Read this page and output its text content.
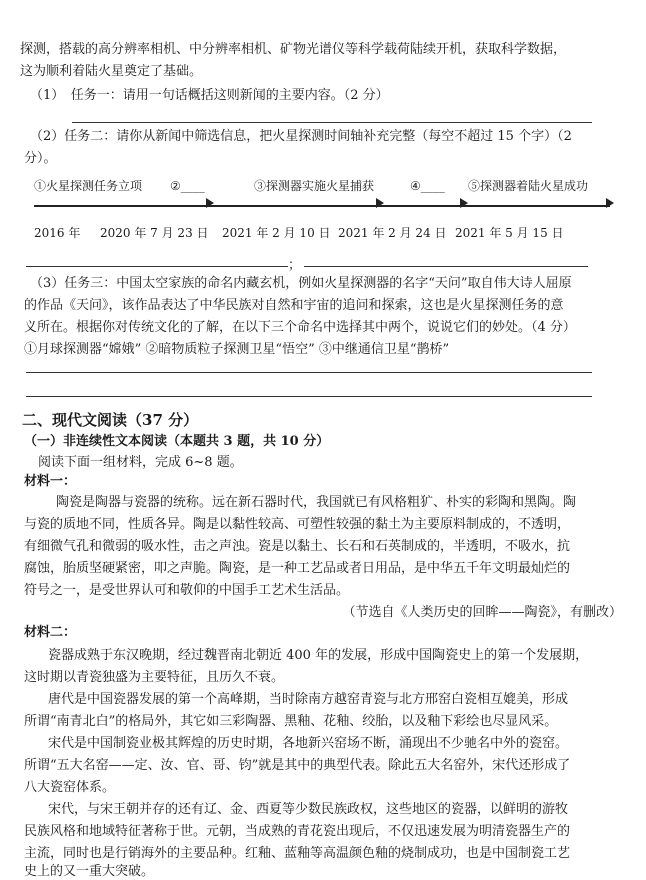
探测，搭载的高分辨率相机、中分辨率相机、矿物光谱仪等科学载荷陆续开机，获取科学数据，
这为顺利着陆火星奠定了基础。
（1）　任务一：请用一句话概括这则新闻的主要内容。（2 分）
（2）任务二：请你从新闻中筛选信息，把火星探测时间轴补充完整（每空不超过 15 个字）（2
分）。
①火星探测任务立项 ②____	③探测器实施火星捕获	④____ ⑤探测器着陆火星成功
2016 年 2020 年 7 月 23 日 2021 年 2 月 10 日 2021 年 2 月 24 日 2021 年 5 月 15 日
；
（3）任务三：中国太空家族的命名内藏玄机，例如火星探测器的名字“天问”取自伟大诗人屈原
的作品《天问》，该作品表达了中华民族对自然和宇宙的追问和探索，这也是火星探测任务的意
义所在。根据你对传统文化的了解，在以下三个命名中选择其中两个，说说它们的妙处。（4 分）
①月球探测器“嫦娥” ②暗物质粒子探测卫星“悟空” ③中继通信卫星“鹊桥”
二、现代文阅读（37 分）
（一）非连续性文本阅读（本题共 3 题，共 10 分）
阅读下面一组材料，完成 6~8 题。
材料一：
陶瓷是陶器与瓷器的统称。远在新石器时代，我国就已有风格粗犷、朴实的彩陶和黑陶。陶
与瓷的质地不同，性质各异。陶是以黏性较高、可塑性较强的黏土为主要原料制成的，不透明，
有细微气孔和微弱的吸水性，击之声浊。瓷是以黏土、长石和石英制成的，半透明，不吸水，抗
腐蚀，胎质坚硬紧密，叩之声脆。陶瓷，是一种工艺品或者日用品，是中华五千年文明最灿烂的
符号之一，是受世界认可和敬仰的中国手工艺术生活品。
（节选自《人类历史的回眸——陶瓷》，有删改）
材料二：
瓷器成熟于东汉晚期，经过魏晋南北朝近 400 年的发展，形成中国陶瓷史上的第一个发展期，
这时期以青瓷独盛为主要特征，且历久不衰。
唐代是中国瓷器发展的第一个高峰期，当时除南方越窑青瓷与北方邢窑白瓷相互媲美，形成
所谓“南青北白”的格局外，其它如三彩陶器、黑釉、花釉、绞胎，以及釉下彩绘也尽显风采。
宋代是中国制瓷业极其辉煌的历史时期，各地新兴窑场不断，涌现出不少驰名中外的瓷窑。
所谓“五大名窑——定、汝、官、哥、钧”就是其中的典型代表。除此五大名窑外，宋代还形成了
八大瓷窑体系。
宋代，与宋王朝并存的还有辽、金、西夏等少数民族政权，这些地区的瓷器，以鲜明的游牧
民族风格和地域特征著称于世。元朝，当成熟的青花瓷出现后，不仅迅速发展为明清瓷器生产的
主流，同时也是行销海外的主要品种。红釉、蓝釉等高温颜色釉的烧制成功，也是中国制瓷工艺
史上的又一重大突破。
